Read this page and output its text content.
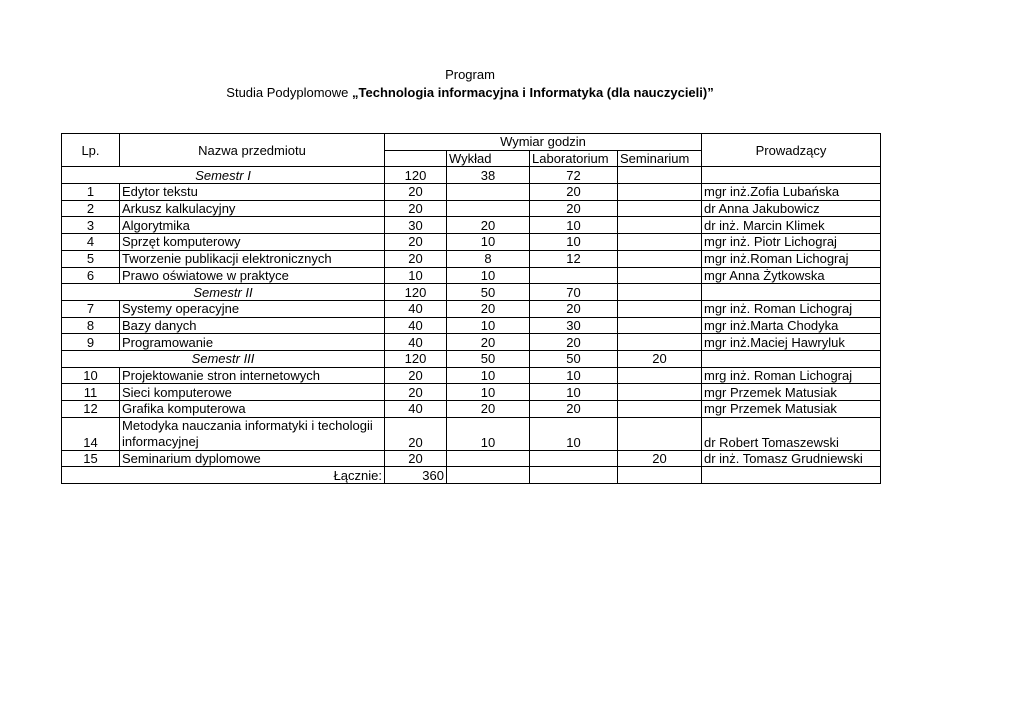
Program
Studia Podyplomowe „Technologia informacyjna i Informatyka (dla nauczycieli)”
Lp.	Nazwa przedmiotu	Wymiar godzin				Prowadzący
			Wykład	Laboratorium	Seminarium	
Semestr I		120	38	72		
1	Edytor tekstu	20		20		mgr inż.Zofia Lubańska
2	Arkusz kalkulacyjny	20		20		dr Anna Jakubowicz
3	Algorytmika	30	20	10		dr inż. Marcin Klimek
4	Sprzęt komputerowy	20	10	10		mgr inż. Piotr Lichograj
5	Tworzenie publikacji elektronicznych	20	8	12		mgr inż.Roman Lichograj
6	Prawo oświatowe w praktyce	10	10			mgr Anna Żytkowska
Semestr II		120	50	70		
7	Systemy operacyjne	40	20	20		mgr inż. Roman Lichograj
8	Bazy danych	40	10	30		mgr inż.Marta Chodyka
9	Programowanie	40	20	20		mgr inż.Maciej Hawryluk
Semestr III		120	50	50	20	
10	Projektowanie stron internetowych	20	10	10		mrg inż. Roman Lichograj
11	Sieci komputerowe	20	10	10		mgr Przemek Matusiak
12	Grafika komputerowa	40	20	20		mgr Przemek Matusiak
14	Metodyka nauczania informatyki i techologii informacyjnej	20	10	10		dr Robert Tomaszewski
15	Seminarium dyplomowe	20			20	dr inż. Tomasz Grudniewski
Łącznie:		360				
